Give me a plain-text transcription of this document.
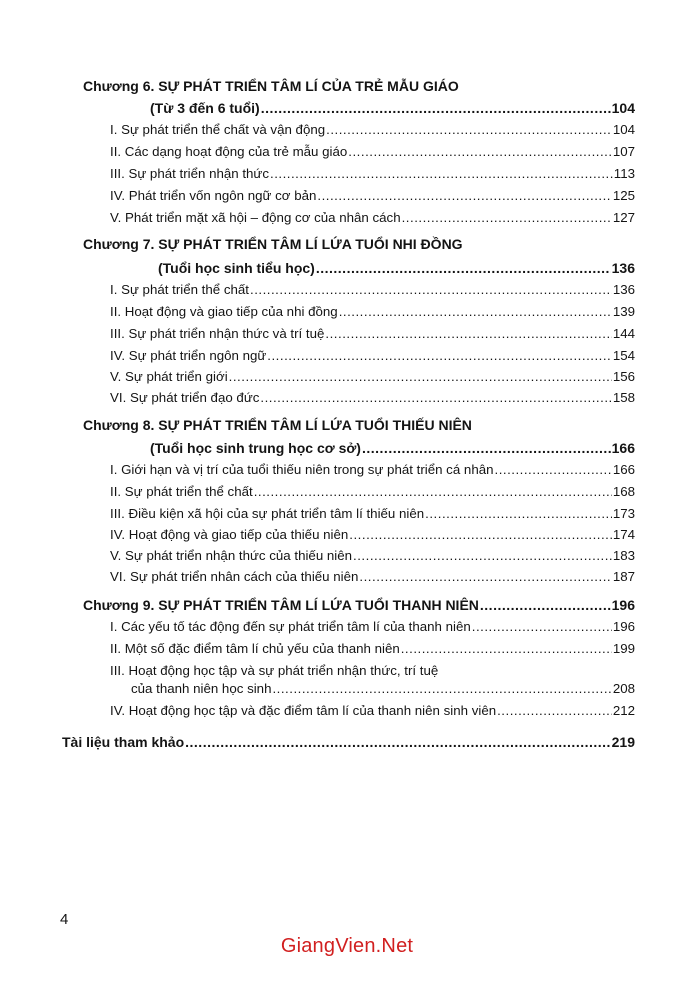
Chương 6. SỰ PHÁT TRIỂN TÂM LÍ CỦA TRẺ MẪU GIÁO
(Từ 3 đến 6 tuổi) .....	104
I. Sự phát triển thể chất và vận động .....	104
II. Các dạng hoạt động của trẻ mẫu giáo .....	107
III. Sự phát triển nhận thức .....	113
IV. Phát triển vốn ngôn ngữ cơ bản .....	125
V. Phát triển mặt xã hội – động cơ của nhân cách .....	127
Chương 7. SỰ PHÁT TRIỂN TÂM LÍ LỨA TUỔI NHI ĐỒNG
(Tuổi học sinh tiểu học) .....	136
I. Sự phát triển thể chất .....	136
II. Hoạt động và giao tiếp của nhi đồng .....	139
III. Sự phát triển nhận thức và trí tuệ .....	144
IV. Sự phát triển ngôn ngữ .....	154
V. Sự phát triển giới .....	156
VI. Sự phát triển đạo đức .....	158
Chương 8. SỰ PHÁT TRIỂN TÂM LÍ LỨA TUỔI THIẾU NIÊN
(Tuổi học sinh trung học cơ sở) .....	166
I. Giới hạn và vị trí của tuổi thiếu niên trong sự phát triển cá nhân .....	166
II. Sự phát triển thể chất .....	168
III. Điều kiện xã hội của sự phát triển tâm lí thiếu niên .....	173
IV. Hoạt động và giao tiếp của thiếu niên .....	174
V. Sự phát triển nhận thức của thiếu niên .....	183
VI. Sự phát triển nhân cách của thiếu niên .....	187
Chương 9. SỰ PHÁT TRIỂN TÂM LÍ LỨA TUỔI THANH NIÊN .....	196
I. Các yếu tố tác động đến sự phát triển tâm lí của thanh niên .....	196
II. Một số đặc điểm tâm lí chủ yếu của thanh niên .....	199
III. Hoạt động học tập và sự phát triển nhận thức, trí tuệ
của thanh niên học sinh .....	208
IV. Hoạt động học tập và đặc điểm tâm lí của thanh niên sinh viên .....	212
Tài liệu tham khảo .....	219
4
GiangVien.Net
